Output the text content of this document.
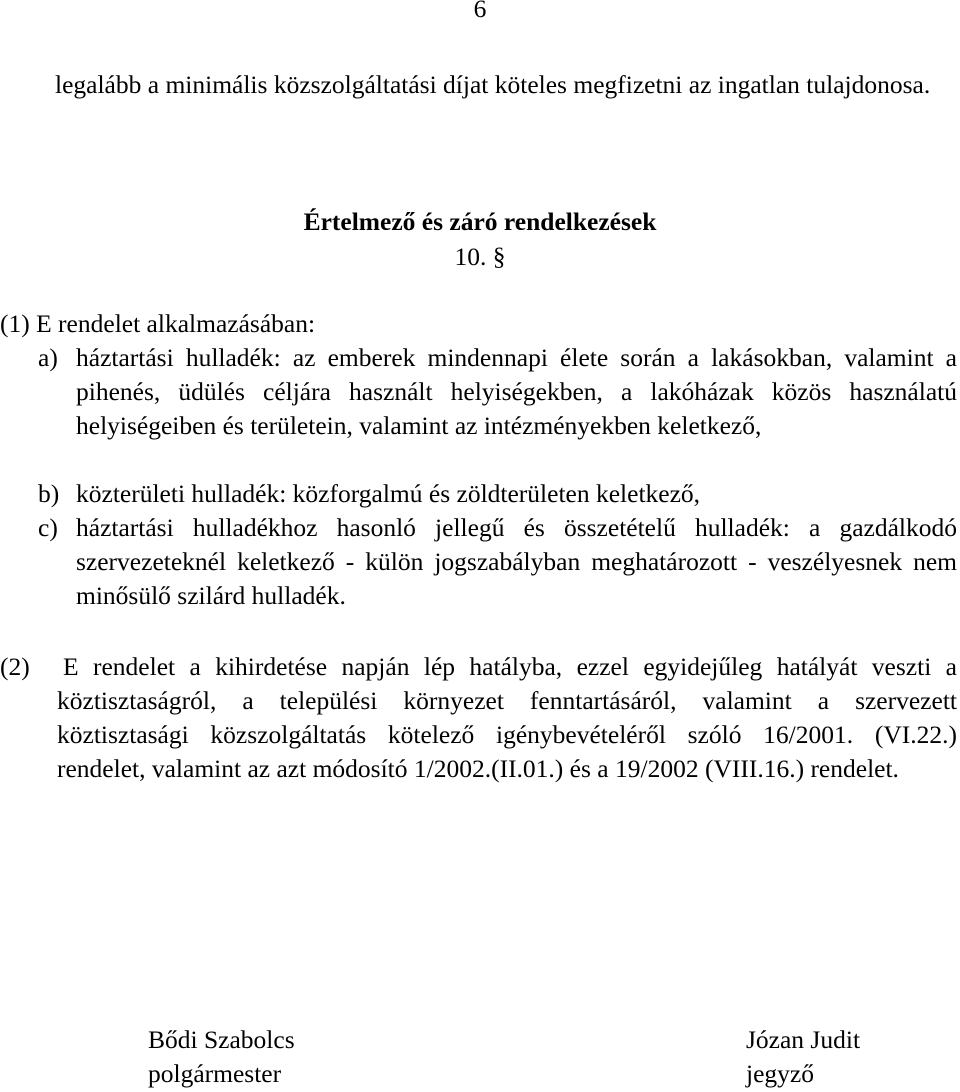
6

legalább a minimális közszolgáltatási díjat köteles megfizetni az ingatlan tulajdonosa.

Értelmező és záró rendelkezések
10. §

(1) E rendelet alkalmazásában:

a) háztartási hulladék: az emberek mindennapi élete során a lakásokban, valamint a pihenés, üdülés céljára használt helyiségekben, a lakóházak közös használatú helyiségeiben és területein, valamint az intézményekben keletkező,
b) közterületi hulladék: közforgalmú és zöldterületen keletkező,
c) háztartási hulladékhoz hasonló jellegű és összetételű hulladék: a gazdálkodó szervezeteknél keletkező - külön jogszabályban meghatározott - veszélyesnek nem minősülő szilárd hulladék.
(2) E rendelet a kihirdetése napján lép hatályba, ezzel egyidejűleg hatályát veszti a köztisztaságról, a települési környezet fenntartásáról, valamint a szervezett köztisztasági közszolgáltatás kötelező igénybevételéről szóló 16/2001. (VI.22.) rendelet, valamint az azt módosító 1/2002.(II.01.) és a 19/2002 (VIII.16.) rendelet.
Bődi Szabolcs
polgármester
Józan Judit
jegyző
